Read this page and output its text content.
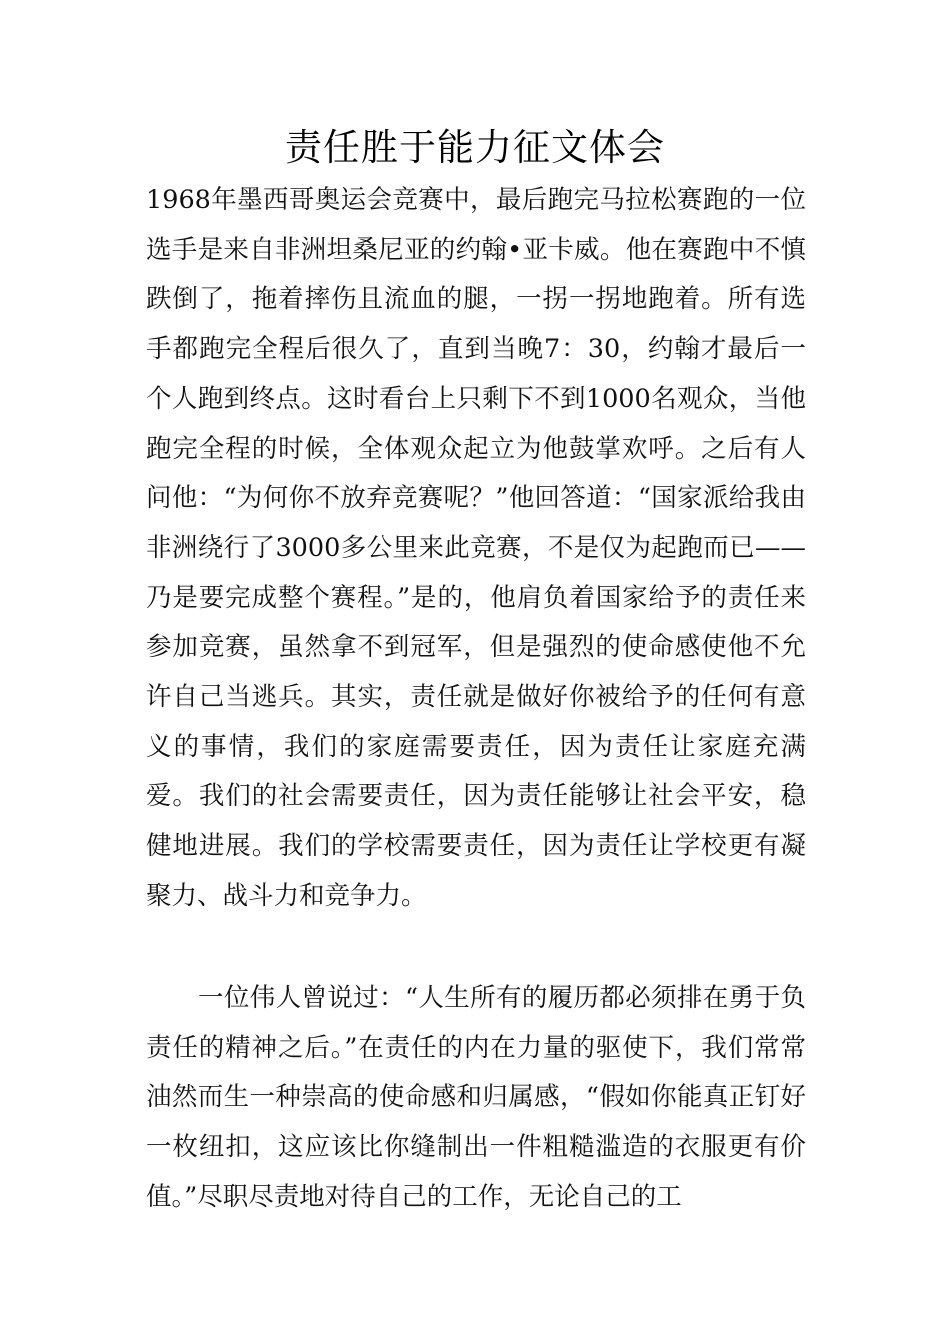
责任胜于能力征文体会

1968年墨西哥奥运会竞赛中，最后跑完马拉松赛跑的一位选手是来自非洲坦桑尼亚的约翰•亚卡威。他在赛跑中不慎跌倒了，拖着摔伤且流血的腿，一拐一拐地跑着。所有选手都跑完全程后很久了，直到当晚7：30，约翰才最后一个人跑到终点。这时看台上只剩下不到1000名观众，当他跑完全程的时候，全体观众起立为他鼓掌欢呼。之后有人问他：“为何你不放弃竞赛呢？”他回答道：“国家派给我由非洲绕行了3000多公里来此竞赛，不是仅为起跑而已——乃是要完成整个赛程。”是的，他肩负着国家给予的责任来参加竞赛，虽然拿不到冠军，但是强烈的使命感使他不允许自己当逃兵。其实，责任就是做好你被给予的任何有意义的事情，我们的家庭需要责任，因为责任让家庭充满爱。我们的社会需要责任，因为责任能够让社会平安，稳健地进展。我们的学校需要责任，因为责任让学校更有凝聚力、战斗力和竞争力。

一位伟人曾说过：“人生所有的履历都必须排在勇于负责任的精神之后。”在责任的内在力量的驱使下，我们常常油然而生一种崇高的使命感和归属感，“假如你能真正钉好一枚纽扣，这应该比你缝制出一件粗糙滥造的衣服更有价值。”尽职尽责地对待自己的工作，无论自己的工
